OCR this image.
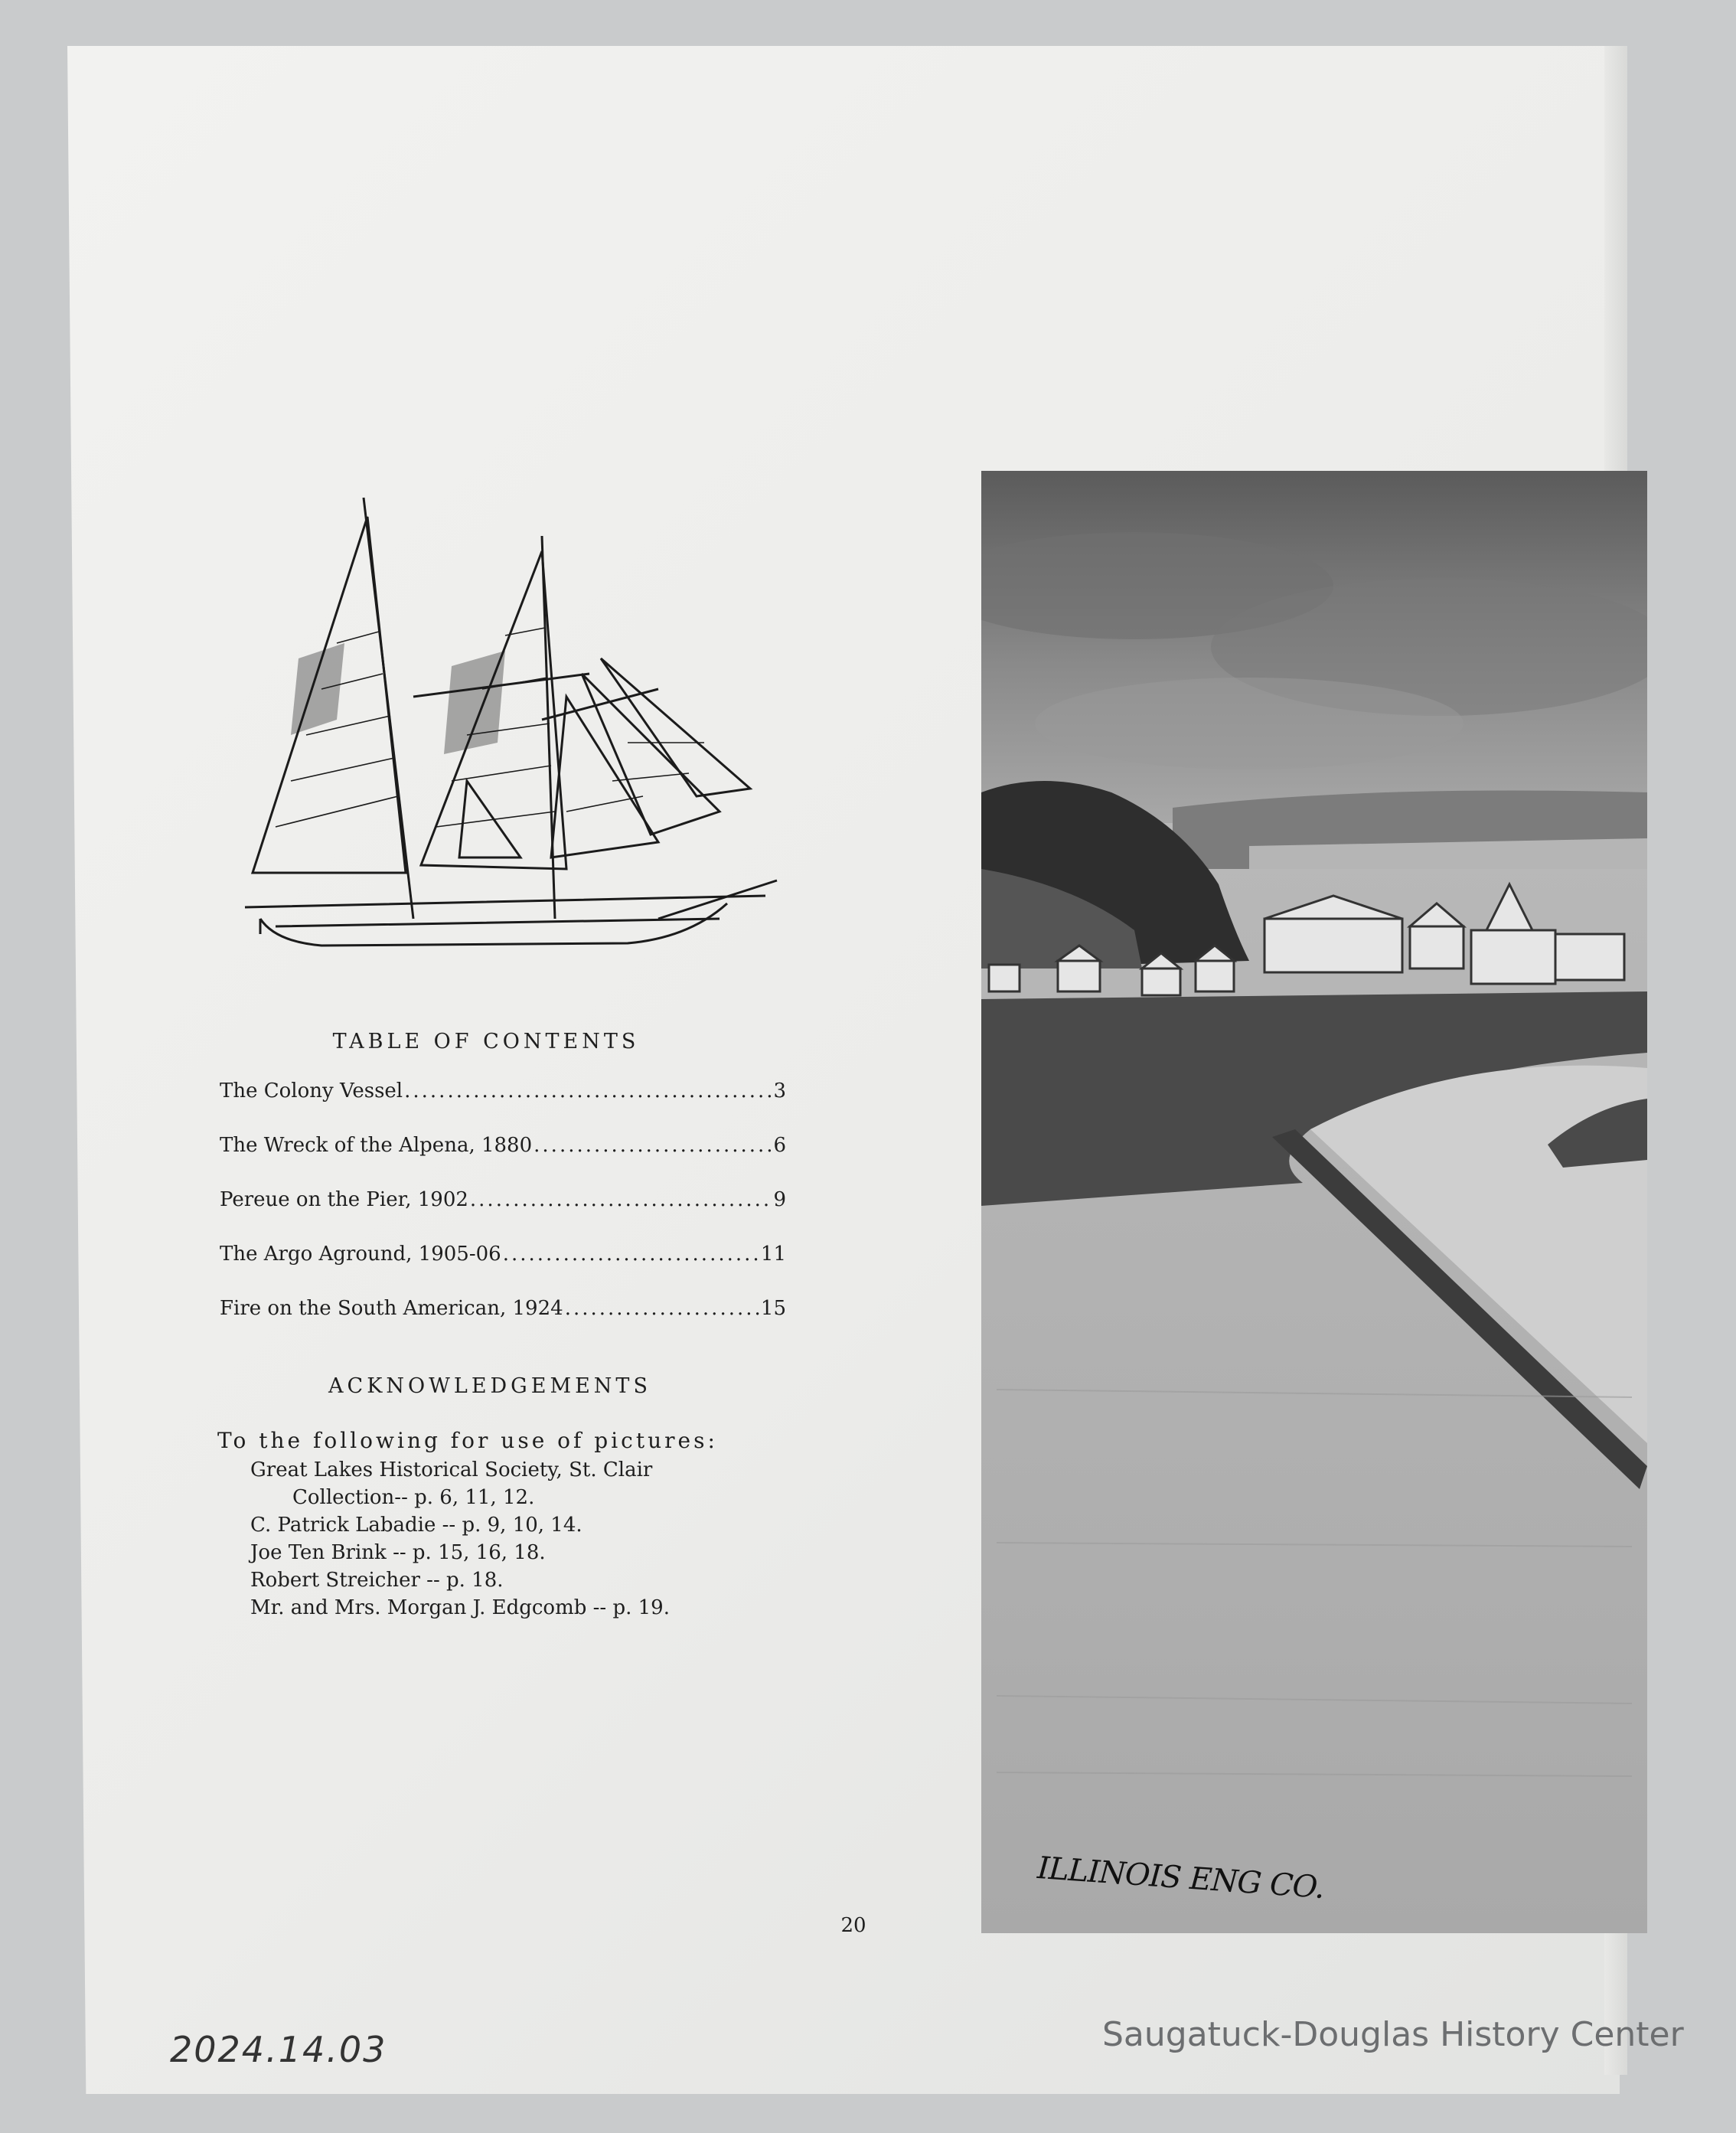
TABLE OF CONTENTS
The Colony Vessel .....	3
The Wreck of the Alpena, 1880 .....	6
Pereue on the Pier, 1902 .....	9
The Argo Aground, 1905-06 .....	11
Fire on the South American, 1924 .....	15
ACKNOWLEDGEMENTS
To the following for use of pictures:
Great Lakes Historical Society, St. Clair
Collection-- p. 6, 11, 12.
C. Patrick Labadie -- p. 9, 10, 14.
Joe Ten Brink -- p. 15, 16, 18.
Robert Streicher -- p. 18.
Mr. and Mrs. Morgan J. Edgcomb -- p. 19.
20
ILLINOIS ENG CO.
2024.14.03	Saugatuck-Douglas History Center
